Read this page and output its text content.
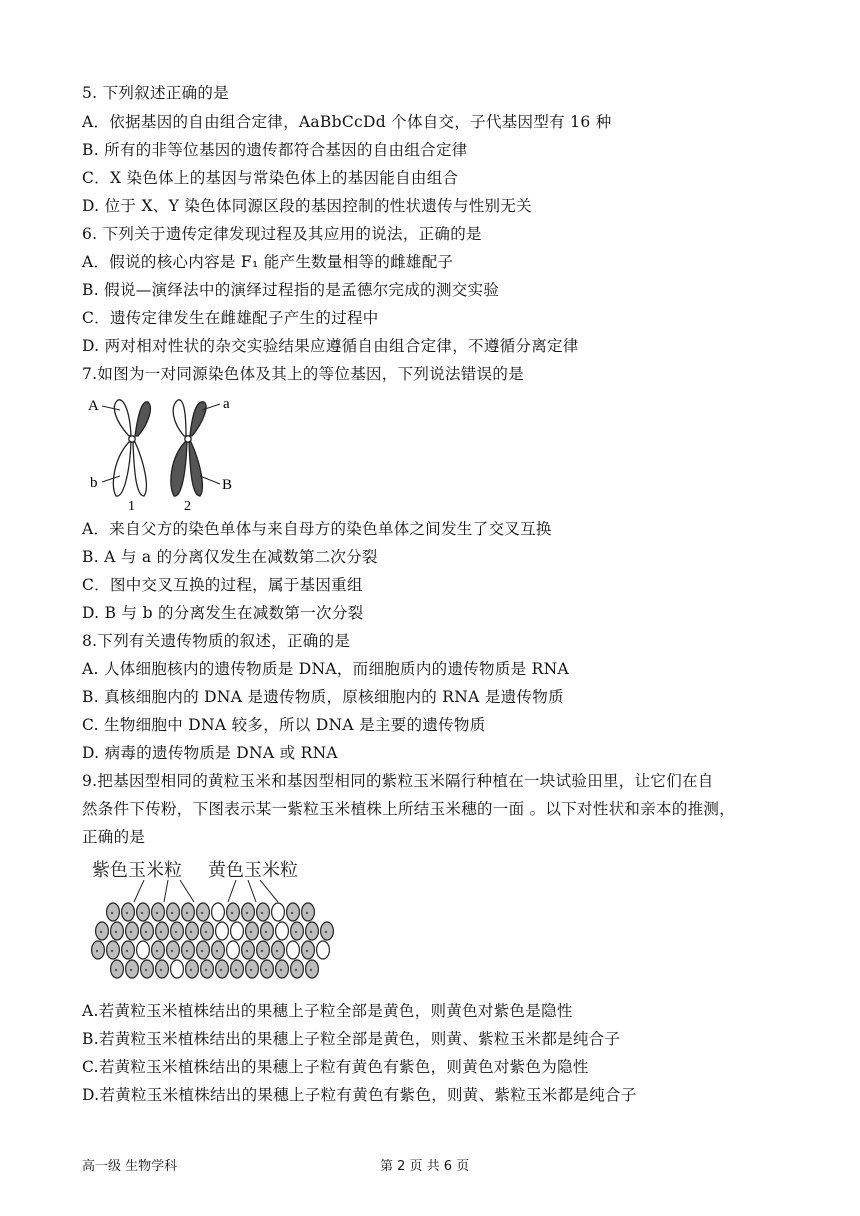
5. 下列叙述正确的是
A．依据基因的自由组合定律，AaBbCcDd 个体自交，子代基因型有 16 种
B. 所有的非等位基因的遗传都符合基因的自由组合定律
C．X 染色体上的基因与常染色体上的基因能自由组合
D. 位于 X、Y 染色体同源区段的基因控制的性状遗传与性别无关
6. 下列关于遗传定律发现过程及其应用的说法，正确的是
A．假说的核心内容是 F₁ 能产生数量相等的雌雄配子
B. 假说—演绎法中的演绎过程指的是孟德尔完成的测交实验
C．遗传定律发生在雌雄配子产生的过程中
D. 两对相对性状的杂交实验结果应遵循自由组合定律，不遵循分离定律
7.如图为一对同源染色体及其上的等位基因，下列说法错误的是
A
b
a
B
1	2
A．来自父方的染色单体与来自母方的染色单体之间发生了交叉互换
B. A 与 a 的分离仅发生在减数第二次分裂
C．图中交叉互换的过程，属于基因重组
D. B 与 b 的分离发生在减数第一次分裂
8.下列有关遗传物质的叙述，正确的是
A. 人体细胞核内的遗传物质是 DNA，而细胞质内的遗传物质是 RNA
B. 真核细胞内的 DNA 是遗传物质，原核细胞内的 RNA 是遗传物质
C. 生物细胞中 DNA 较多，所以 DNA 是主要的遗传物质
D. 病毒的遗传物质是 DNA 或 RNA
9.把基因型相同的黄粒玉米和基因型相同的紫粒玉米隔行种植在一块试验田里，让它们在自
然条件下传粉，下图表示某一紫粒玉米植株上所结玉米穗的一面 。以下对性状和亲本的推测，
正确的是
紫色玉米粒 黄色玉米粒
A.若黄粒玉米植株结出的果穗上子粒全部是黄色，则黄色对紫色是隐性
B.若黄粒玉米植株结出的果穗上子粒全部是黄色，则黄、紫粒玉米都是纯合子
C.若黄粒玉米植株结出的果穗上子粒有黄色有紫色，则黄色对紫色为隐性
D.若黄粒玉米植株结出的果穗上子粒有黄色有紫色，则黄、紫粒玉米都是纯合子
高一级 生物学科	第 2 页 共 6 页
